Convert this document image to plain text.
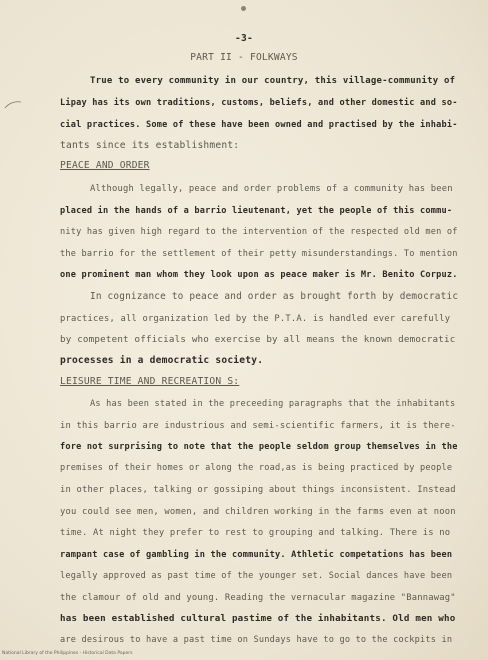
-3-
PART II - FOLKWAYS
True to every community in our country, this village-community of
Lipay has its own traditions, customs, beliefs, and other domestic and so-
cial practices. Some of these have been owned and practised by the inhabi-
tants since its establishment:
PEACE AND ORDER
Although legally, peace and order problems of a community has been
placed in the hands of a barrio lieutenant, yet the people of this commu-
nity has given high regard to the intervention of the respected old men of
the barrio for the settlement of their petty misunderstandings. To mention
one prominent man whom they look upon as peace maker is Mr. Benito Corpuz.
In cognizance to peace and order as brought forth by democratic
practices, all organization led by the P.T.A. is handled ever carefully
by competent officials who exercise by all means the known democratic
processes in a democratic society.
LEISURE TIME AND RECREATION S:
As has been stated in the preceeding paragraphs that the inhabitants
in this barrio are industrious and semi-scientific farmers, it is there-
fore not surprising to note that the people seldom group themselves in the
premises of their homes or along the road,as is being practiced by people
in other places, talking or gossiping about things inconsistent. Instead
you could see men, women, and children working in the farms even at noon
time. At night they prefer to rest to grouping and talking. There is no
rampant case of gambling in the community. Athletic competations has been
legally approved as past time of the younger set. Social dances have been
the clamour of old and young. Reading the vernacular magazine "Bannawag"
has been established cultural pastime of the inhabitants. Old men who
are desirous to have a past time on Sundays have to go to the cockpits in
National Library of the Philippines - Historical Data Papers
